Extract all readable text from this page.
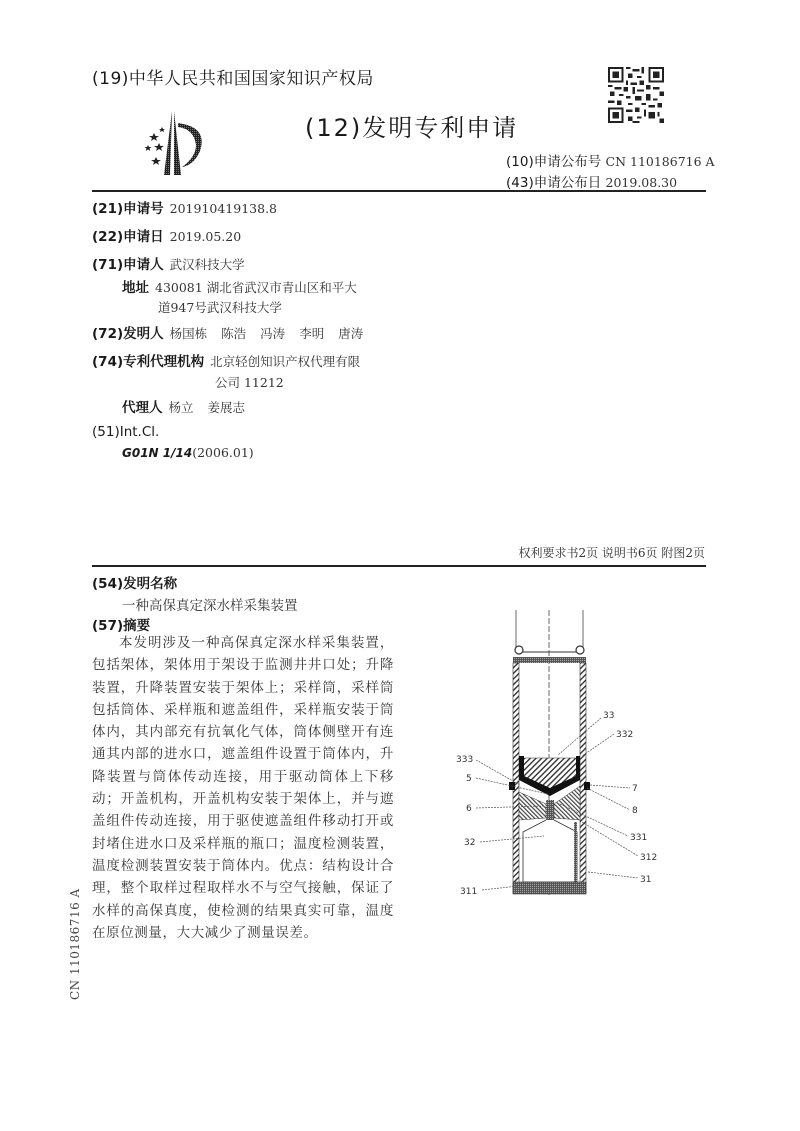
(19)中华人民共和国国家知识产权局
(12)发明专利申请
(10)申请公布号 CN 110186716 A
(43)申请公布日 2019.08.30
(21)申请号 201910419138.8
(22)申请日 2019.05.20
(71)申请人 武汉科技大学
地址 430081 湖北省武汉市青山区和平大
道947号武汉科技大学
(72)发明人 杨国栋 陈浩 冯涛 李明 唐涛
(74)专利代理机构 北京轻创知识产权代理有限
公司 11212
代理人 杨立 姜展志
(51)Int.Cl.
G01N 1/14(2006.01)
权利要求书2页 说明书6页 附图2页
(54)发明名称
一种高保真定深水样采集装置
(57)摘要
本发明涉及一种高保真定深水样采集装置，包括架体，架体用于架设于监测井井口处；升降装置，升降装置安装于架体上；采样筒，采样筒包括筒体、采样瓶和遮盖组件，采样瓶安装于筒体内，其内部充有抗氧化气体，筒体侧壁开有连通其内部的进水口，遮盖组件设置于筒体内，升降装置与筒体传动连接，用于驱动筒体上下移动；开盖机构，开盖机构安装于架体上，并与遮盖组件传动连接，用于驱使遮盖组件移动打开或封堵住进水口及采样瓶的瓶口；温度检测装置，温度检测装置安装于筒体内。优点：结构设计合理，整个取样过程取样水不与空气接触，保证了水样的高保真度，使检测的结果真实可靠，温度在原位测量，大大减少了测量误差。
CN 110186716 A
33
332
333
7
5
8
6
331
32
312
31
311
